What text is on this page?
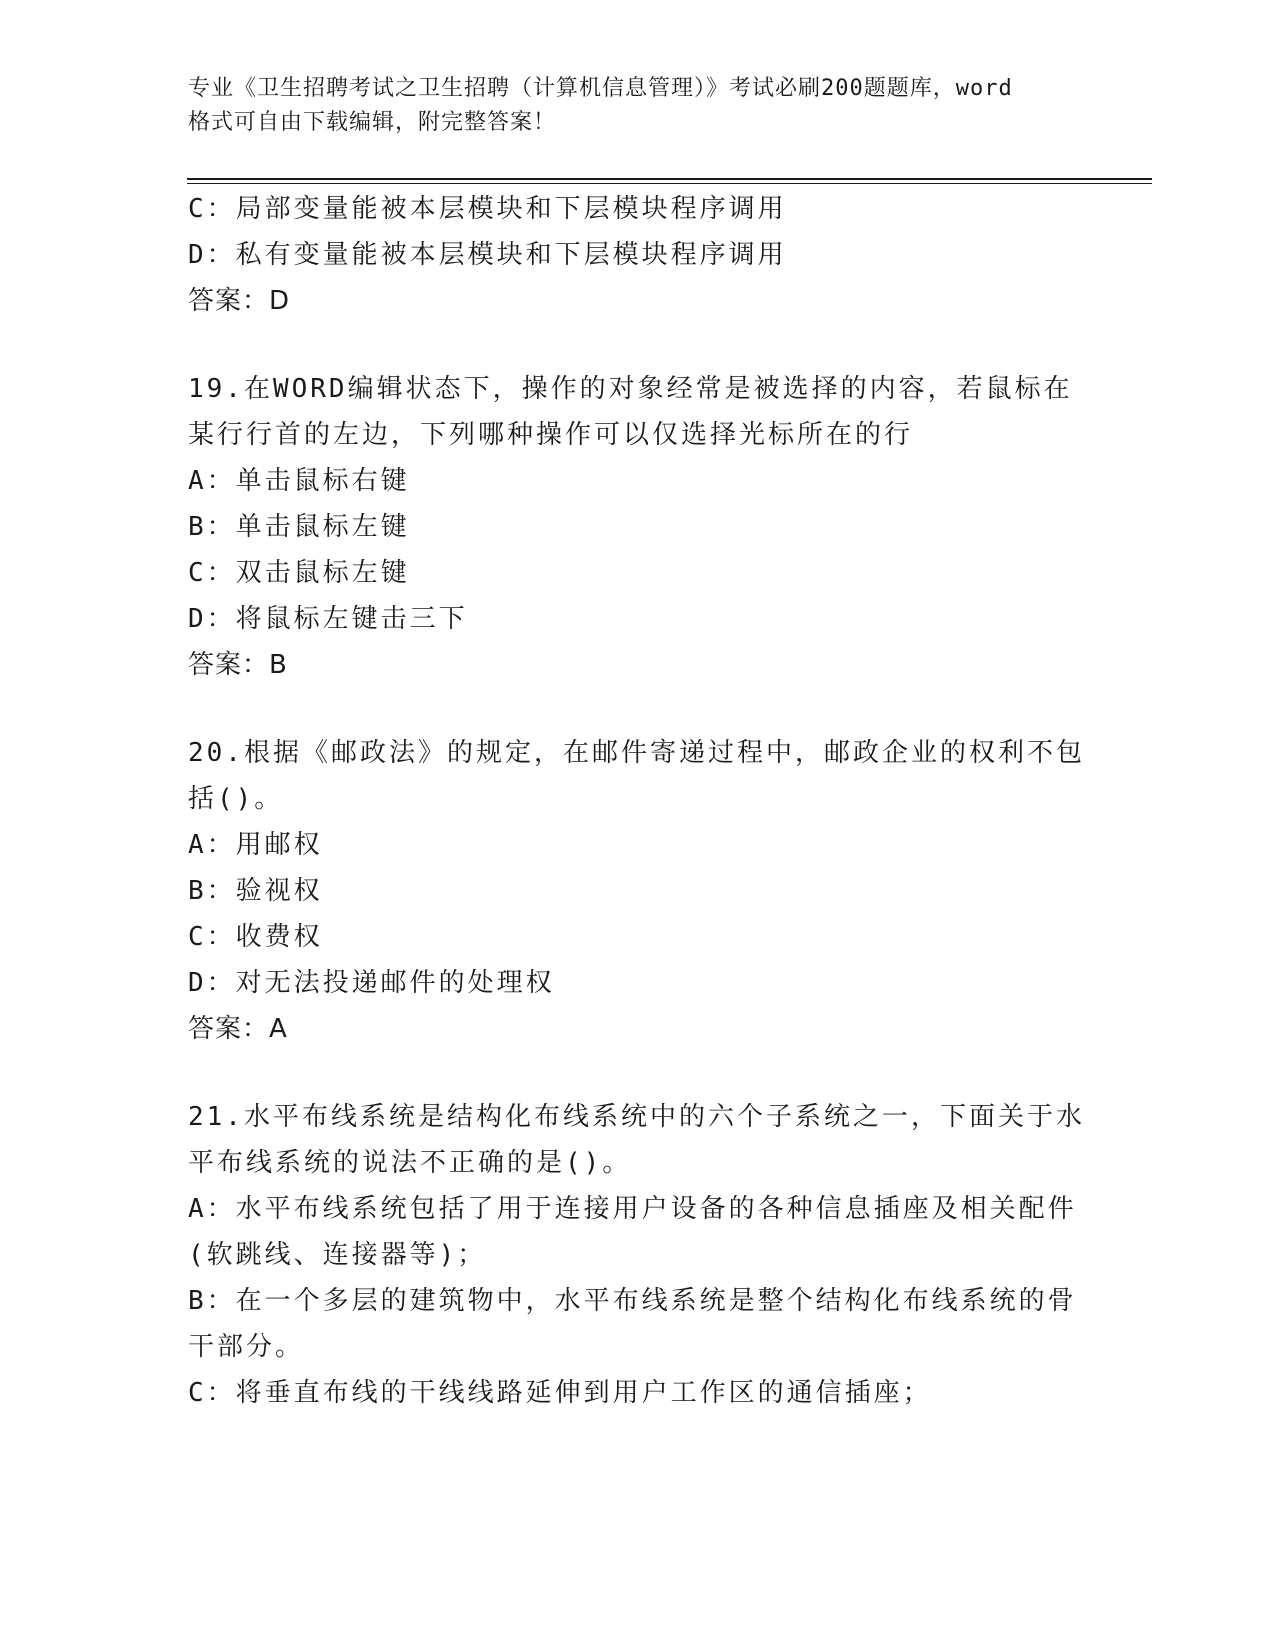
专业《卫生招聘考试之卫生招聘（计算机信息管理）》考试必刷200题题库，word
格式可自由下载编辑，附完整答案！
C：局部变量能被本层模块和下层模块程序调用
D：私有变量能被本层模块和下层模块程序调用
答案：D
19.在WORD编辑状态下，操作的对象经常是被选择的内容，若鼠标在
某行行首的左边，下列哪种操作可以仅选择光标所在的行
A：单击鼠标右键
B：单击鼠标左键
C：双击鼠标左键
D：将鼠标左键击三下
答案：B
20.根据《邮政法》的规定，在邮件寄递过程中，邮政企业的权利不包
括()。
A：用邮权
B：验视权
C：收费权
D：对无法投递邮件的处理权
答案：A
21.水平布线系统是结构化布线系统中的六个子系统之一，下面关于水
平布线系统的说法不正确的是()。
A：水平布线系统包括了用于连接用户设备的各种信息插座及相关配件
(软跳线、连接器等)；
B：在一个多层的建筑物中，水平布线系统是整个结构化布线系统的骨
干部分。
C：将垂直布线的干线线路延伸到用户工作区的通信插座；
